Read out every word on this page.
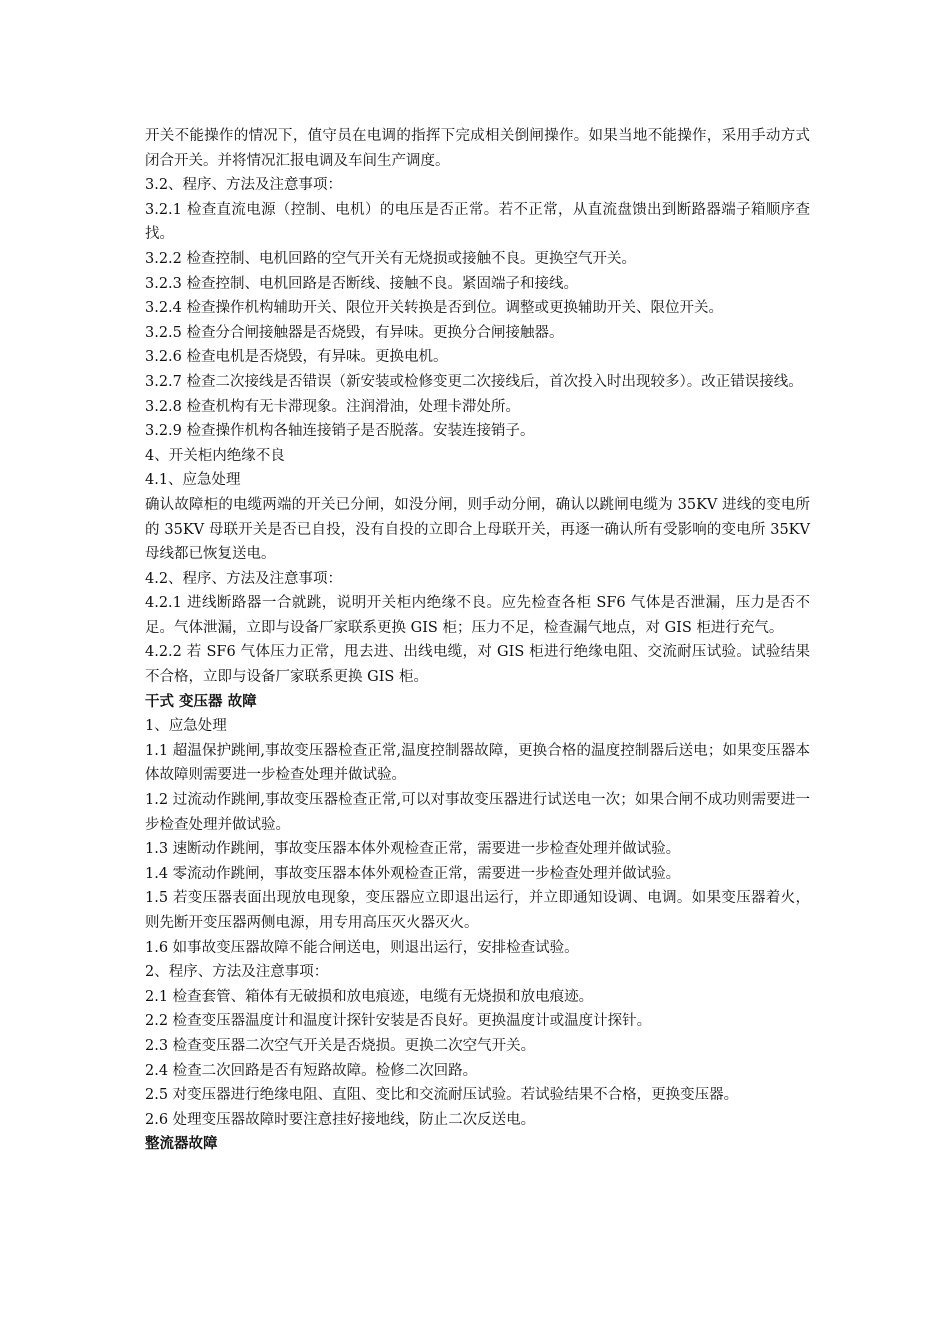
开关不能操作的情况下，值守员在电调的指挥下完成相关倒闸操作。如果当地不能操作，采用手动方式闭合开关。并将情况汇报电调及车间生产调度。

3.2、程序、方法及注意事项：

3.2.1 检查直流电源（控制、电机）的电压是否正常。若不正常，从直流盘馈出到断路器端子箱顺序查找。

3.2.2 检查控制、电机回路的空气开关有无烧损或接触不良。更换空气开关。

3.2.3 检查控制、电机回路是否断线、接触不良。紧固端子和接线。

3.2.4 检查操作机构辅助开关、限位开关转换是否到位。调整或更换辅助开关、限位开关。

3.2.5 检查分合闸接触器是否烧毁，有异味。更换分合闸接触器。

3.2.6 检查电机是否烧毁，有异味。更换电机。

3.2.7 检查二次接线是否错误（新安装或检修变更二次接线后，首次投入时出现较多）。改正错误接线。

3.2.8 检查机构有无卡滞现象。注润滑油，处理卡滞处所。

3.2.9 检查操作机构各轴连接销子是否脱落。安装连接销子。

4、开关柜内绝缘不良

4.1、应急处理

确认故障柜的电缆两端的开关已分闸，如没分闸，则手动分闸，确认以跳闸电缆为 35KV 进线的变电所的 35KV 母联开关是否已自投，没有自投的立即合上母联开关，再逐一确认所有受影响的变电所 35KV 母线都已恢复送电。

4.2、程序、方法及注意事项：

4.2.1 进线断路器一合就跳，说明开关柜内绝缘不良。应先检查各柜 SF6 气体是否泄漏，压力是否不足。气体泄漏，立即与设备厂家联系更换 GIS 柜；压力不足，检查漏气地点，对 GIS 柜进行充气。

4.2.2 若 SF6 气体压力正常，甩去进、出线电缆，对 GIS 柜进行绝缘电阻、交流耐压试验。试验结果不合格，立即与设备厂家联系更换 GIS 柜。

干式 变压器 故障

1、应急处理

1.1 超温保护跳闸,事故变压器检查正常,温度控制器故障，更换合格的温度控制器后送电；如果变压器本体故障则需要进一步检查处理并做试验。

1.2 过流动作跳闸,事故变压器检查正常,可以对事故变压器进行试送电一次；如果合闸不成功则需要进一步检查处理并做试验。

1.3 速断动作跳闸，事故变压器本体外观检查正常，需要进一步检查处理并做试验。

1.4 零流动作跳闸，事故变压器本体外观检查正常，需要进一步检查处理并做试验。

1.5 若变压器表面出现放电现象，变压器应立即退出运行，并立即通知设调、电调。如果变压器着火，则先断开变压器两侧电源，用专用高压灭火器灭火。

1.6 如事故变压器故障不能合闸送电，则退出运行，安排检查试验。

2、程序、方法及注意事项：

2.1 检查套管、箱体有无破损和放电痕迹，电缆有无烧损和放电痕迹。

2.2 检查变压器温度计和温度计探针安装是否良好。更换温度计或温度计探针。

2.3 检查变压器二次空气开关是否烧损。更换二次空气开关。

2.4 检查二次回路是否有短路故障。检修二次回路。

2.5 对变压器进行绝缘电阻、直阻、变比和交流耐压试验。若试验结果不合格，更换变压器。

2.6 处理变压器故障时要注意挂好接地线，防止二次反送电。

整流器故障
